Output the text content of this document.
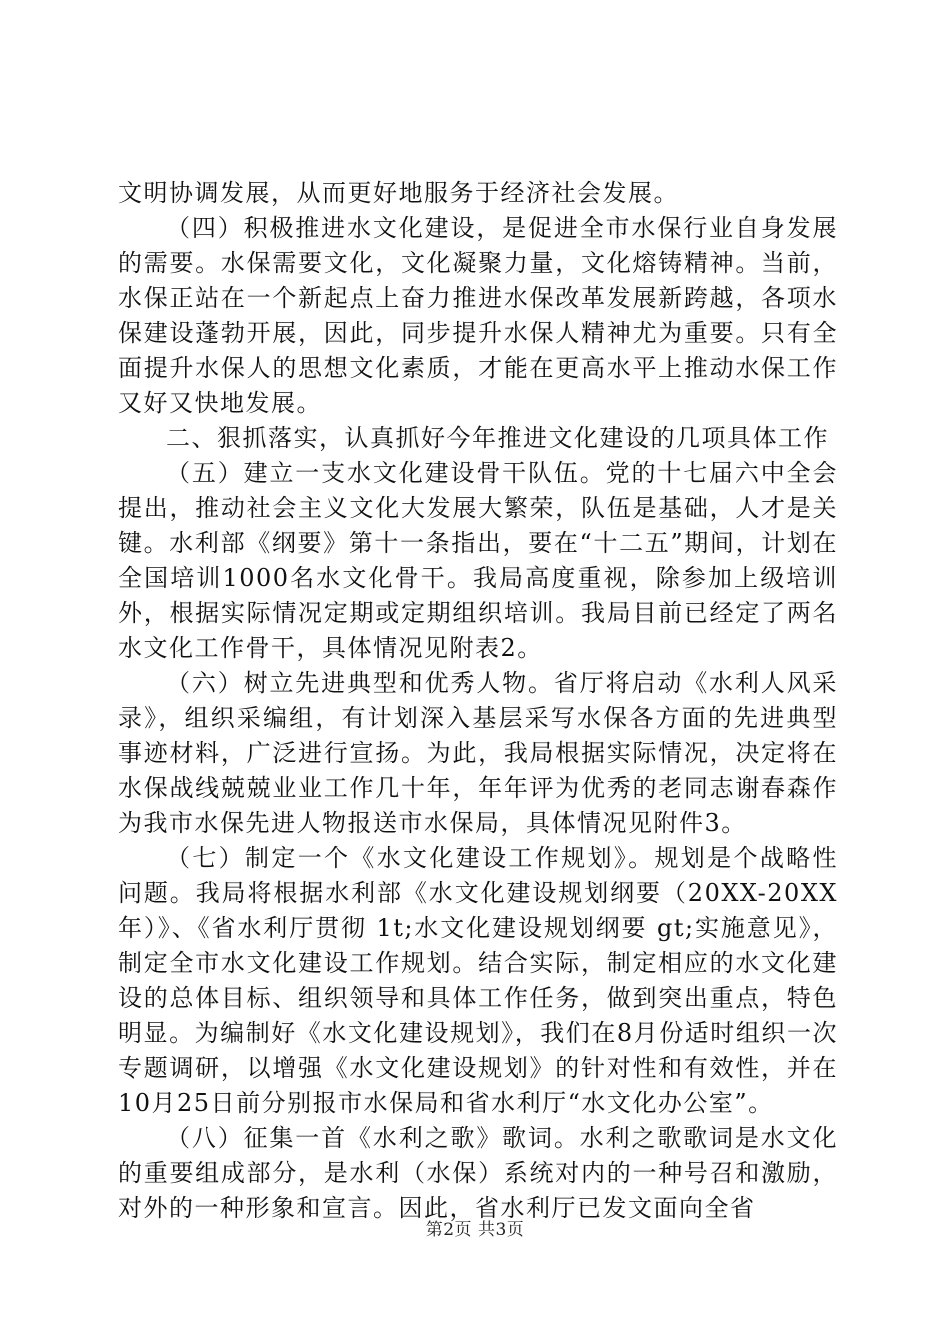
文明协调发展，从而更好地服务于经济社会发展。

（四）积极推进水文化建设，是促进全市水保行业自身发展的需要。水保需要文化，文化凝聚力量，文化熔铸精神。当前，水保正站在一个新起点上奋力推进水保改革发展新跨越，各项水保建设蓬勃开展，因此，同步提升水保人精神尤为重要。只有全面提升水保人的思想文化素质，才能在更高水平上推动水保工作又好又快地发展。

二、狠抓落实，认真抓好今年推进文化建设的几项具体工作

（五）建立一支水文化建设骨干队伍。党的十七届六中全会提出，推动社会主义文化大发展大繁荣，队伍是基础，人才是关键。水利部《纲要》第十一条指出，要在“十二五”期间，计划在全国培训1000名水文化骨干。我局高度重视，除参加上级培训外，根据实际情况定期或定期组织培训。我局目前已经定了两名水文化工作骨干，具体情况见附表2。

（六）树立先进典型和优秀人物。省厅将启动《水利人风采录》，组织采编组，有计划深入基层采写水保各方面的先进典型事迹材料，广泛进行宣扬。为此，我局根据实际情况，决定将在水保战线兢兢业业工作几十年，年年评为优秀的老同志谢春森作为我市水保先进人物报送市水保局，具体情况见附件3。

（七）制定一个《水文化建设工作规划》。规划是个战略性问题。我局将根据水利部《水文化建设规划纲要（20XX-20XX年）》、《省水利厅贯彻 1t;水文化建设规划纲要 gt;实施意见》，制定全市水文化建设工作规划。结合实际，制定相应的水文化建设的总体目标、组织领导和具体工作任务，做到突出重点，特色明显。为编制好《水文化建设规划》，我们在8月份适时组织一次专题调研，以增强《水文化建设规划》的针对性和有效性，并在10月25日前分别报市水保局和省水利厅“水文化办公室”。

（八）征集一首《水利之歌》歌词。水利之歌歌词是水文化的重要组成部分，是水利（水保）系统对内的一种号召和激励，对外的一种形象和宣言。因此，省水利厅已发文面向全省

第2页 共3页
